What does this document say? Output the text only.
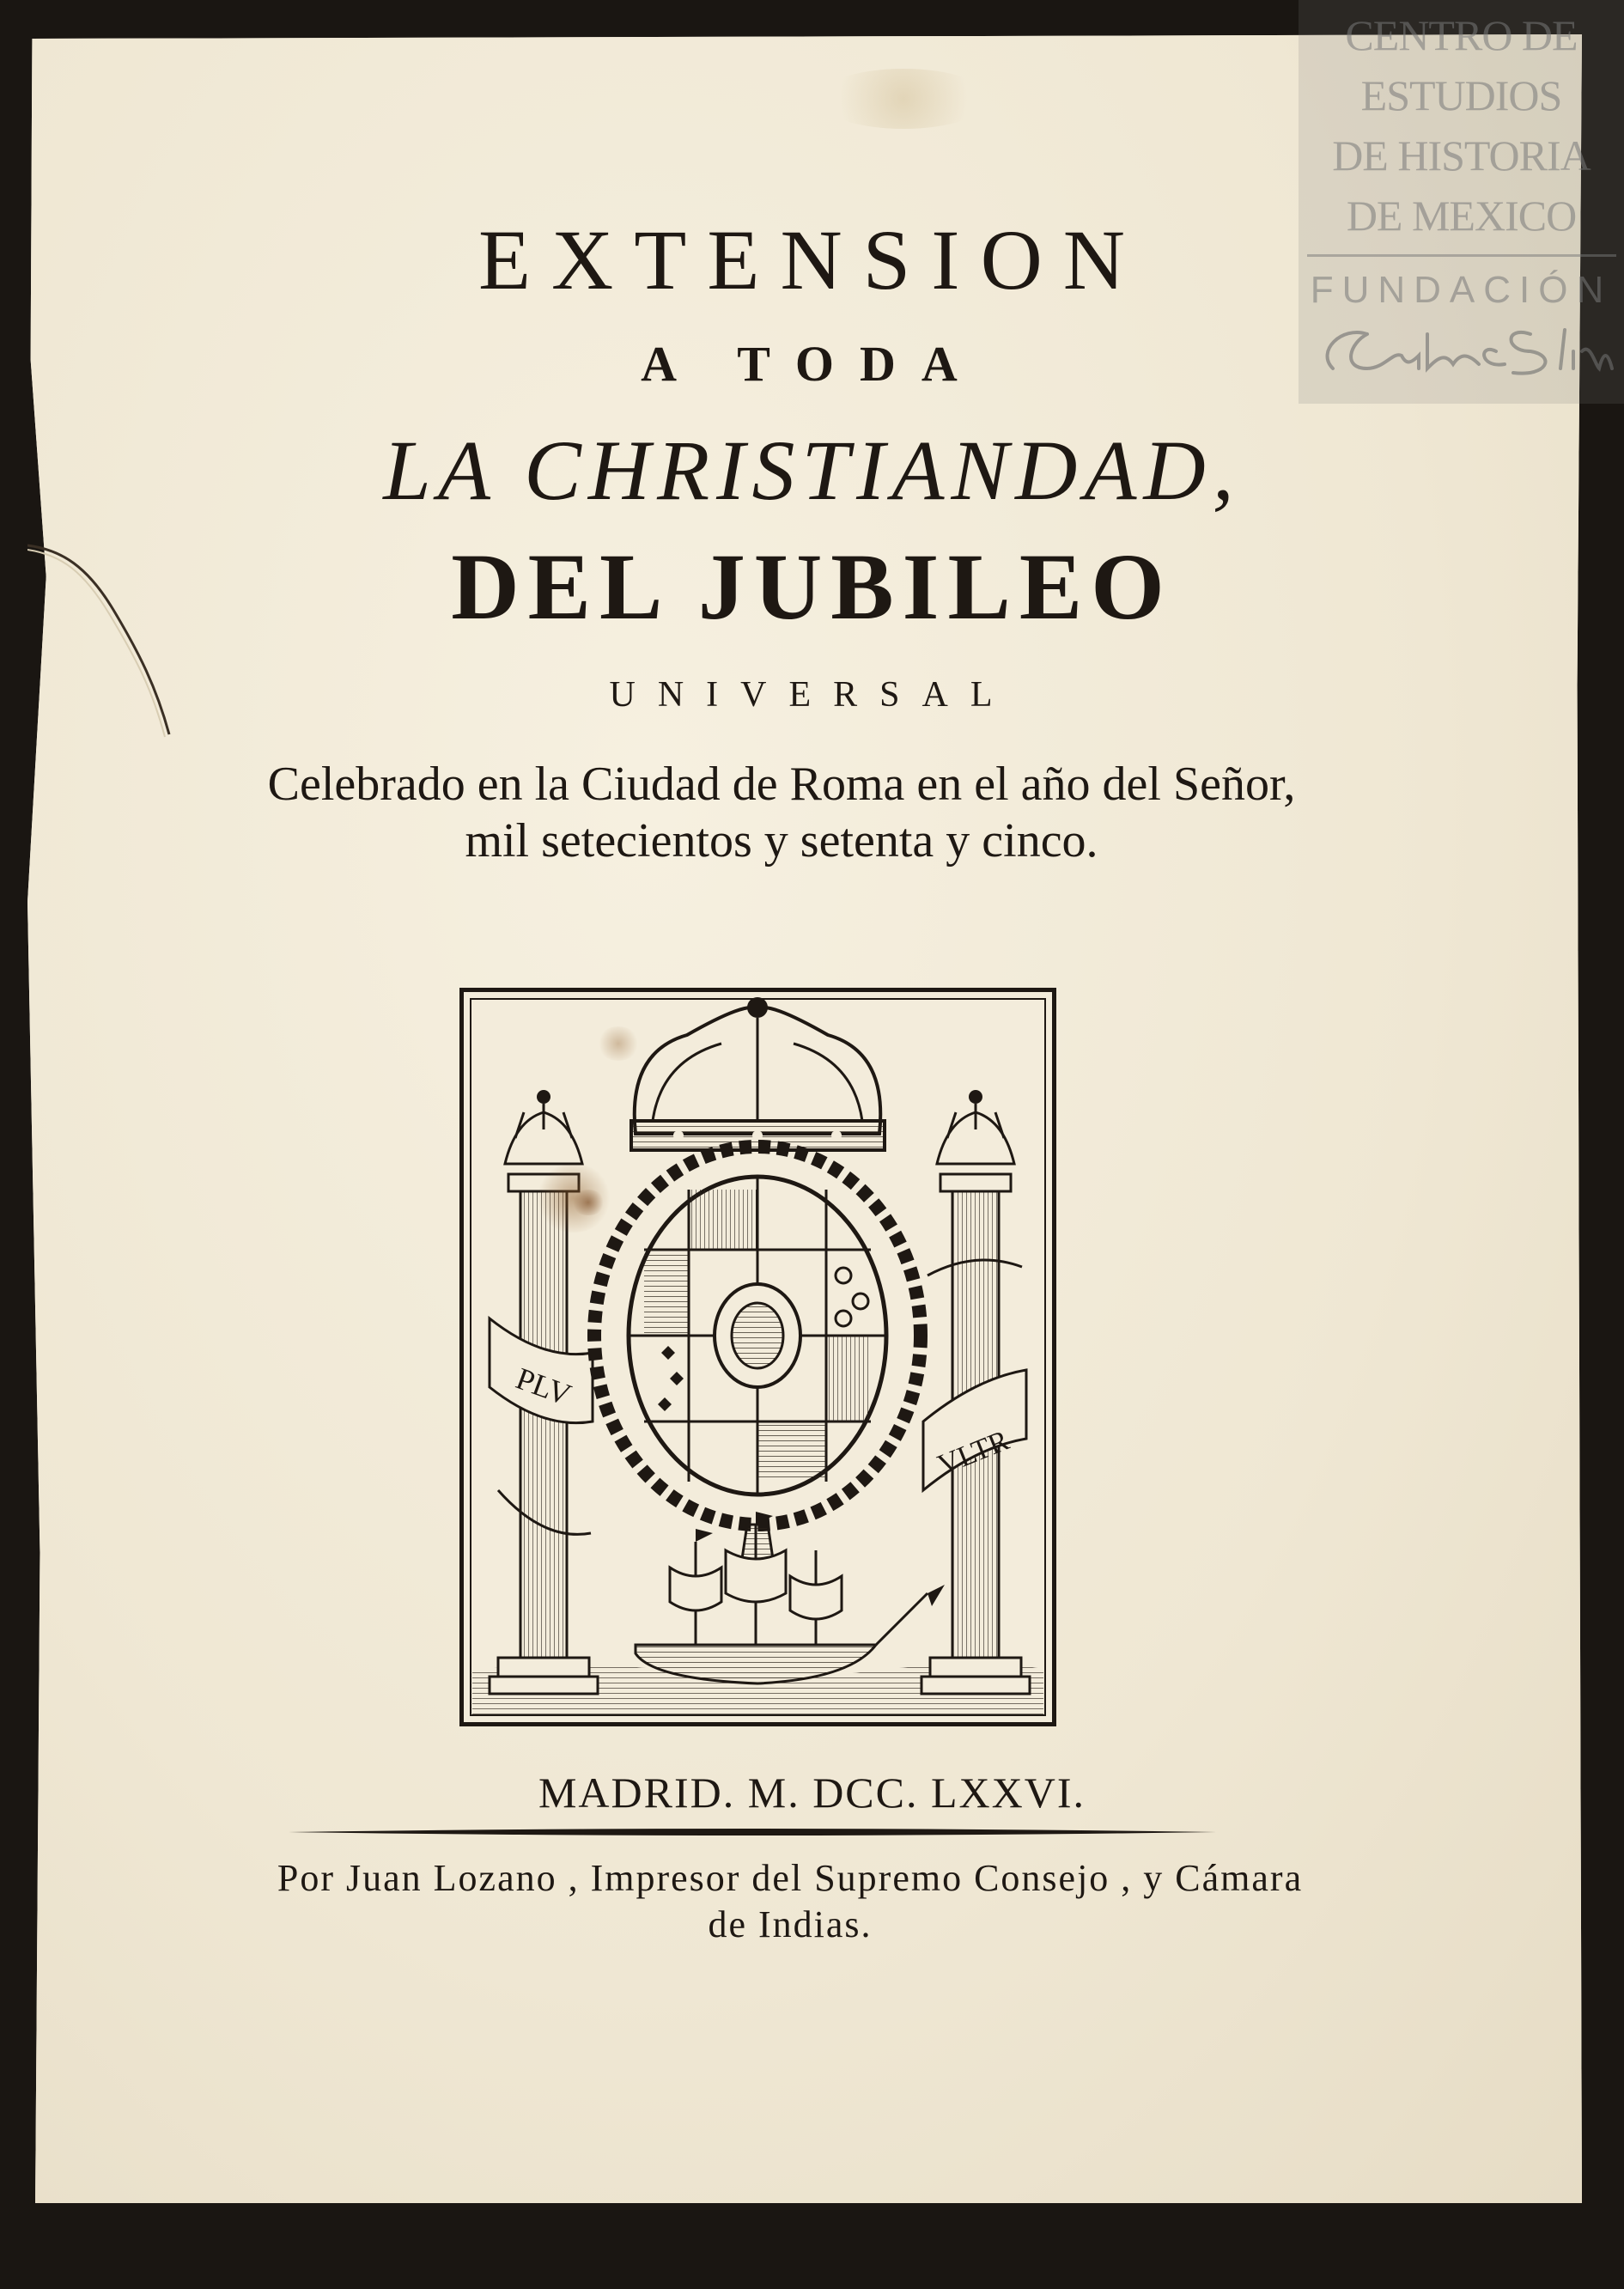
CENTRO DE
ESTUDIOS
DE HISTORIA
DE MEXICO
FUNDACIÓN
EXTENSION
A TODA
LA CHRISTIANDAD,
DEL JUBILEO
UNIVERSAL
Celebrado en la Ciudad de Roma en el año del Señor, mil setecientos y setenta y cinco.
PLV
VLTR
MADRID. M. DCC. LXXVI.
Por Juan Lozano , Impresor del Supremo Consejo , y Cámara de Indias.
